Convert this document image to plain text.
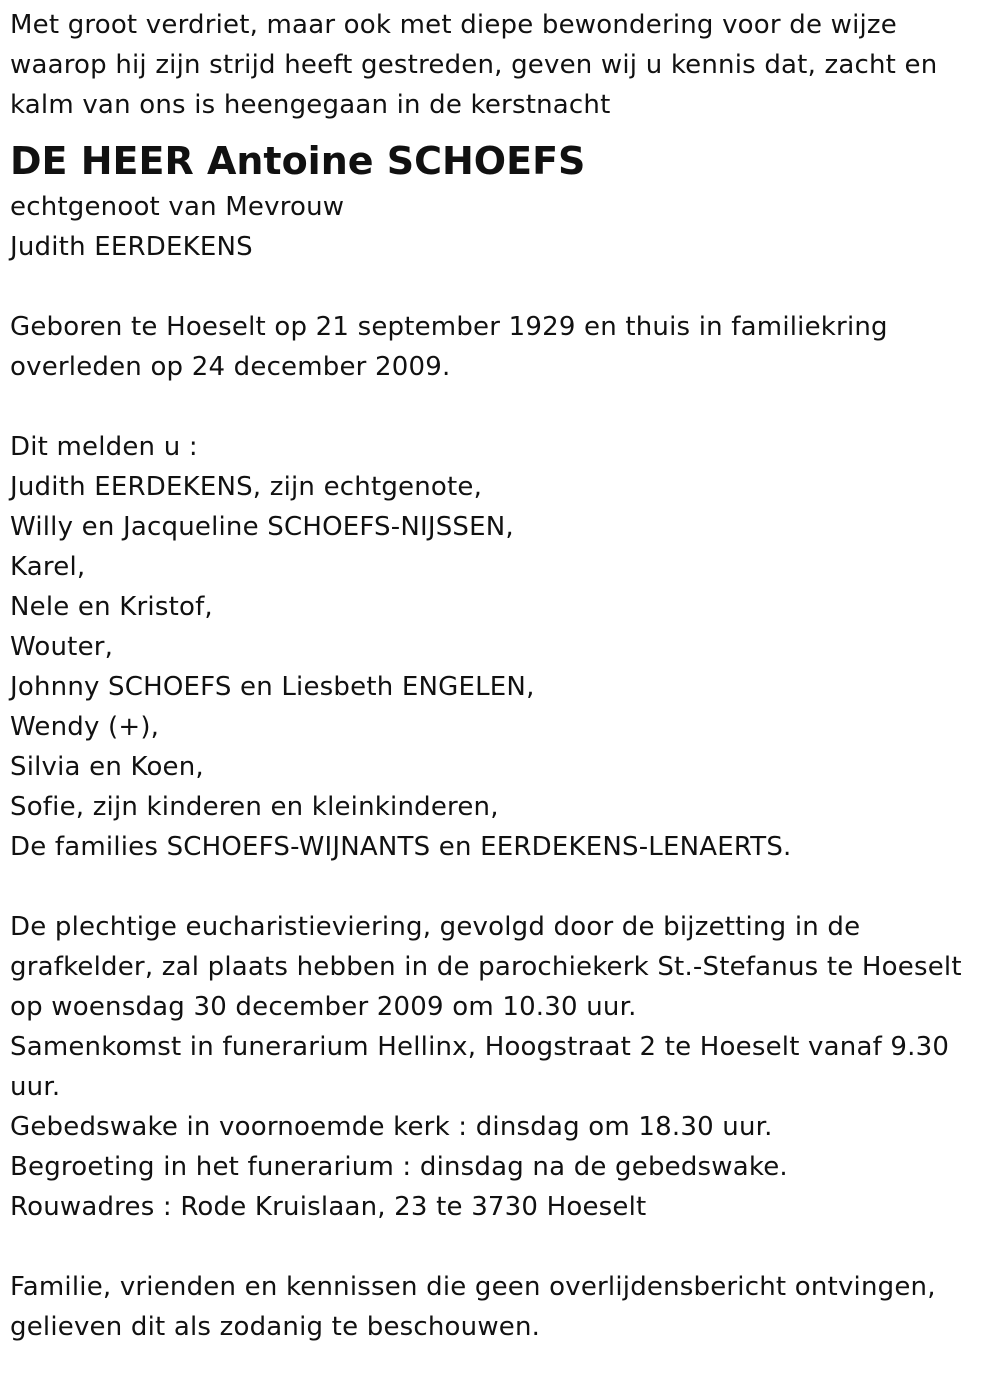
Met groot verdriet, maar ook met diepe bewondering voor de wijze
waarop hij zijn strijd heeft gestreden, geven wij u kennis dat, zacht en
kalm van ons is heengegaan in de kerstnacht
DE HEER Antoine SCHOEFS
echtgenoot van Mevrouw
Judith EERDEKENS
Geboren te Hoeselt op 21 september 1929 en thuis in familiekring
overleden op 24 december 2009.
Dit melden u :
Judith EERDEKENS, zijn echtgenote,
Willy en Jacqueline SCHOEFS-NIJSSEN,
Karel,
Nele en Kristof,
Wouter,
Johnny SCHOEFS en Liesbeth ENGELEN,
Wendy (+),
Silvia en Koen,
Sofie, zijn kinderen en kleinkinderen,
De families SCHOEFS-WIJNANTS en EERDEKENS-LENAERTS.
De plechtige eucharistieviering, gevolgd door de bijzetting in de
grafkelder, zal plaats hebben in de parochiekerk St.-Stefanus te Hoeselt
op woensdag 30 december 2009 om 10.30 uur.
Samenkomst in funerarium Hellinx, Hoogstraat 2 te Hoeselt vanaf 9.30
uur.
Gebedswake in voornoemde kerk : dinsdag om 18.30 uur.
Begroeting in het funerarium : dinsdag na de gebedswake.
Rouwadres : Rode Kruislaan, 23 te 3730 Hoeselt
Familie, vrienden en kennissen die geen overlijdensbericht ontvingen,
gelieven dit als zodanig te beschouwen.
